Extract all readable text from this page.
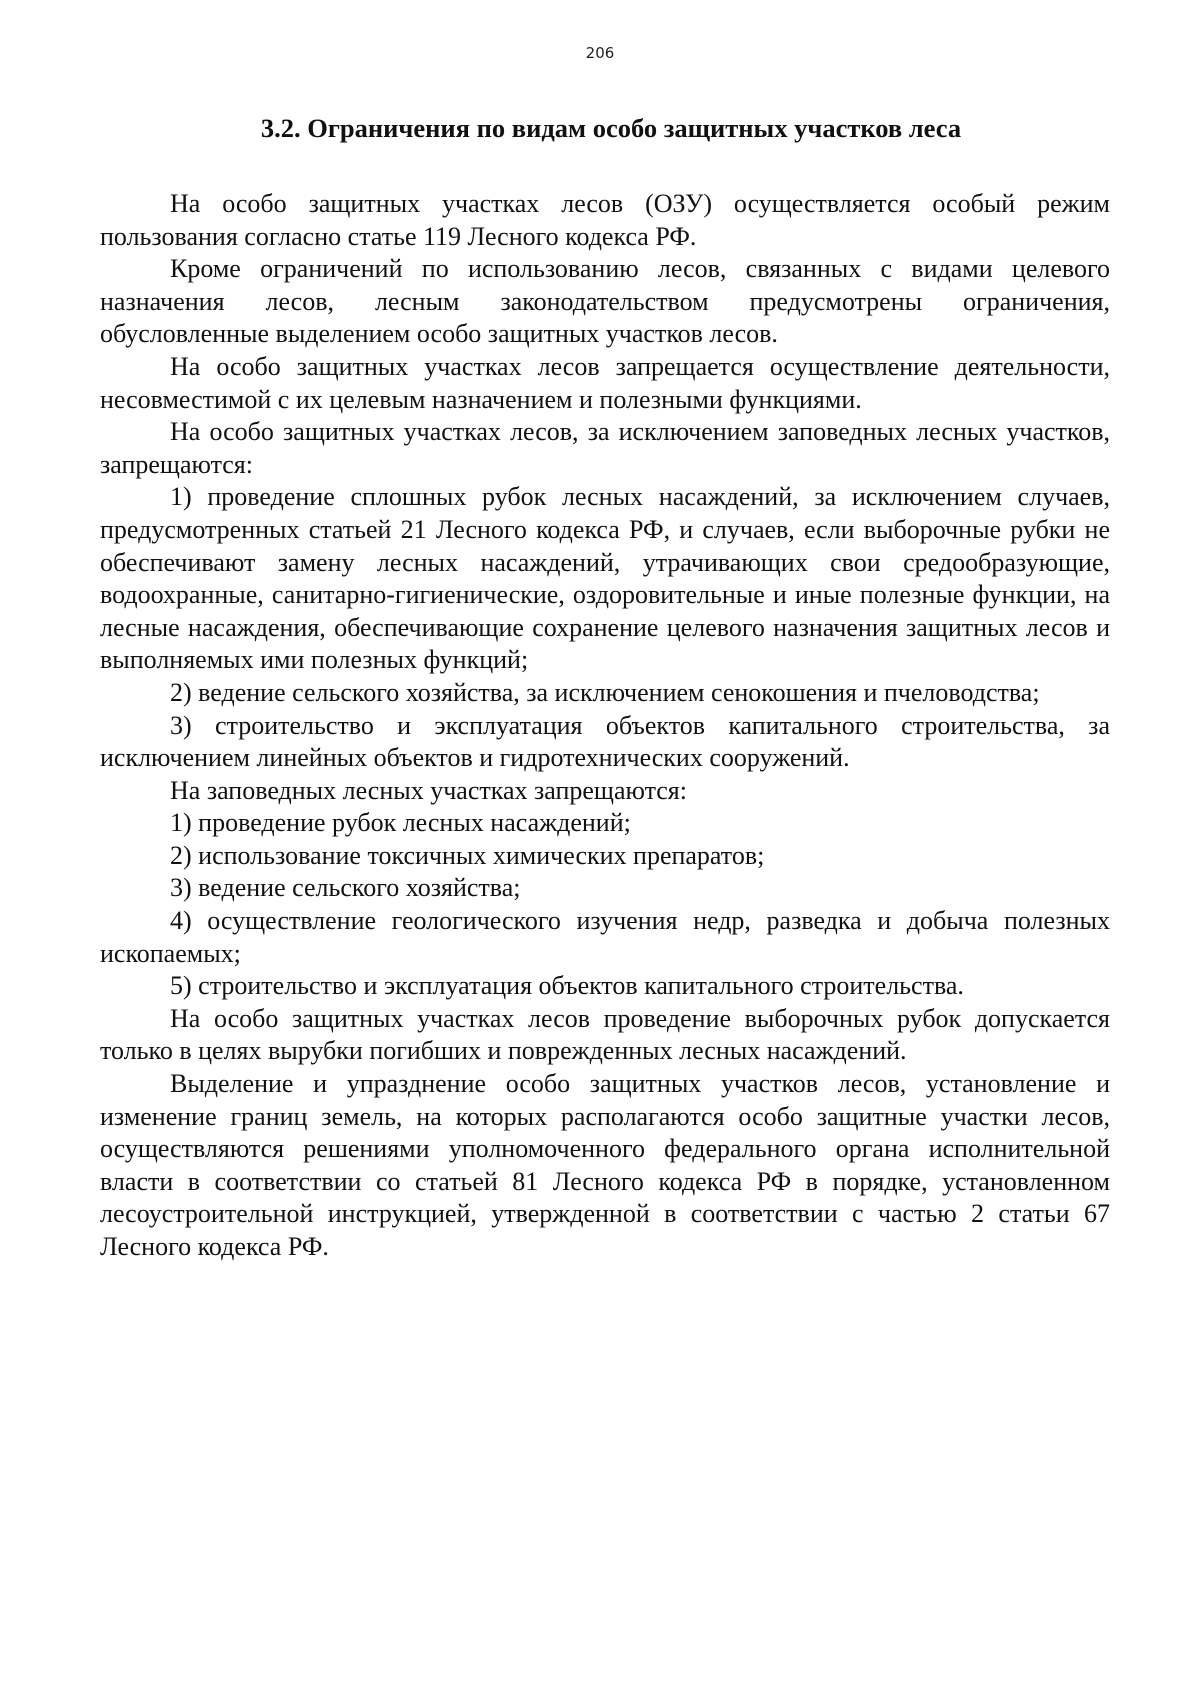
206
3.2. Ограничения по видам особо защитных участков леса

На особо защитных участках лесов (ОЗУ) осуществляется особый режим пользования согласно статье 119 Лесного кодекса РФ.

Кроме ограничений по использованию лесов, связанных с видами целевого назначения лесов, лесным законодательством предусмотрены ограничения, обусловленные выделением особо защитных участков лесов.

На особо защитных участках лесов запрещается осуществление деятельности, несовместимой с их целевым назначением и полезными функциями.

На особо защитных участках лесов, за исключением заповедных лесных участков, запрещаются:

1) проведение сплошных рубок лесных насаждений, за исключением случаев, предусмотренных статьей 21 Лесного кодекса РФ, и случаев, если выборочные рубки не обеспечивают замену лесных насаждений, утрачивающих свои средообразующие, водоохранные, санитарно-гигиенические, оздоровительные и иные полезные функции, на лесные насаждения, обеспечивающие сохранение целевого назначения защитных лесов и выполняемых ими полезных функций;

2) ведение сельского хозяйства, за исключением сенокошения и пчеловодства;

3) строительство и эксплуатация объектов капитального строительства, за исключением линейных объектов и гидротехнических сооружений.

На заповедных лесных участках запрещаются:

1) проведение рубок лесных насаждений;

2) использование токсичных химических препаратов;

3) ведение сельского хозяйства;

4) осуществление геологического изучения недр, разведка и добыча полезных ископаемых;

5) строительство и эксплуатация объектов капитального строительства.

На особо защитных участках лесов проведение выборочных рубок допускается только в целях вырубки погибших и поврежденных лесных насаждений.

Выделение и упразднение особо защитных участков лесов, установление и изменение границ земель, на которых располагаются особо защитные участки лесов, осуществляются решениями уполномоченного федерального органа исполнительной власти в соответствии со статьей 81 Лесного кодекса РФ в порядке, установленном лесоустроительной инструкцией, утвержденной в соответствии с частью 2 статьи 67 Лесного кодекса РФ.
